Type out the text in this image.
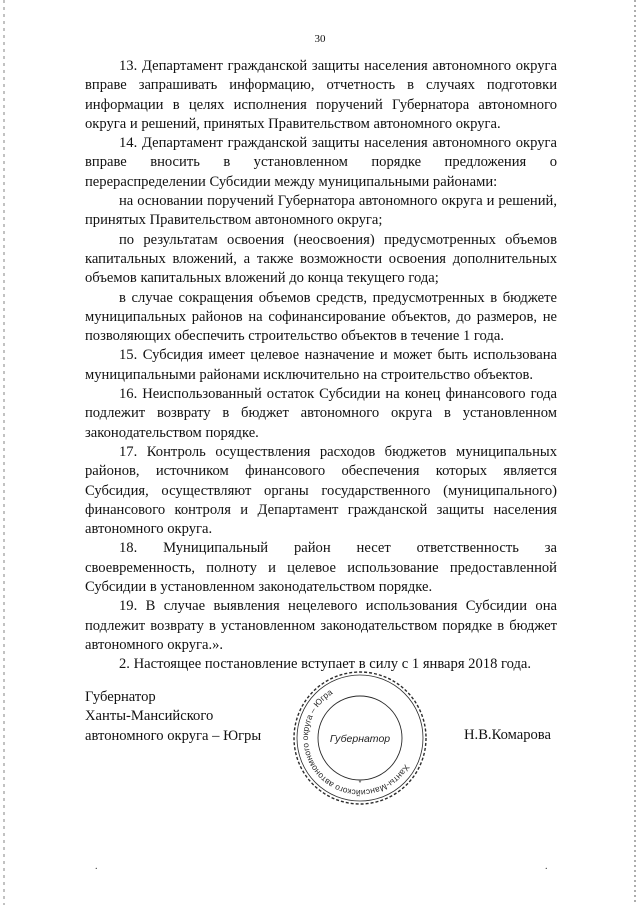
30

13. Департамент гражданской защиты населения автономного округа вправе запрашивать информацию, отчетность в случаях подготовки информации в целях исполнения поручений Губернатора автономного округа и решений, принятых Правительством автономного округа.

14. Департамент гражданской защиты населения автономного округа вправе вносить в установленном порядке предложения о перераспределении Субсидии между муниципальными районами:

на основании поручений Губернатора автономного округа и решений, принятых Правительством автономного округа;

по результатам освоения (неосвоения) предусмотренных объемов капитальных вложений, а также возможности освоения дополнительных объемов капитальных вложений до конца текущего года;

в случае сокращения объемов средств, предусмотренных в бюджете муниципальных районов на софинансирование объектов, до размеров, не позволяющих обеспечить строительство объектов в течение 1 года.

15. Субсидия имеет целевое назначение и может быть использована муниципальными районами исключительно на строительство объектов.

16. Неиспользованный остаток Субсидии на конец финансового года подлежит возврату в бюджет автономного округа в установленном законодательством порядке.

17. Контроль осуществления расходов бюджетов муниципальных районов, источником финансового обеспечения которых является Субсидия, осуществляют органы государственного (муниципального) финансового контроля и Департамент гражданской защиты населения автономного округа.

18. Муниципальный район несет ответственность за своевременность, полноту и целевое использование предоставленной Субсидии в установленном законодательством порядке.

19. В случае выявления нецелевого использования Субсидии она подлежит возврату в установленном законодательством порядке в бюджет автономного округа.».

2. Настоящее постановление вступает в силу с 1 января 2018 года.

Губернатор
Ханты-Мансийского
автономного округа – Югры
Ханты-Мансийского автономного округа – Югра
Губернатор
*
Н.В.Комарова
.	.
